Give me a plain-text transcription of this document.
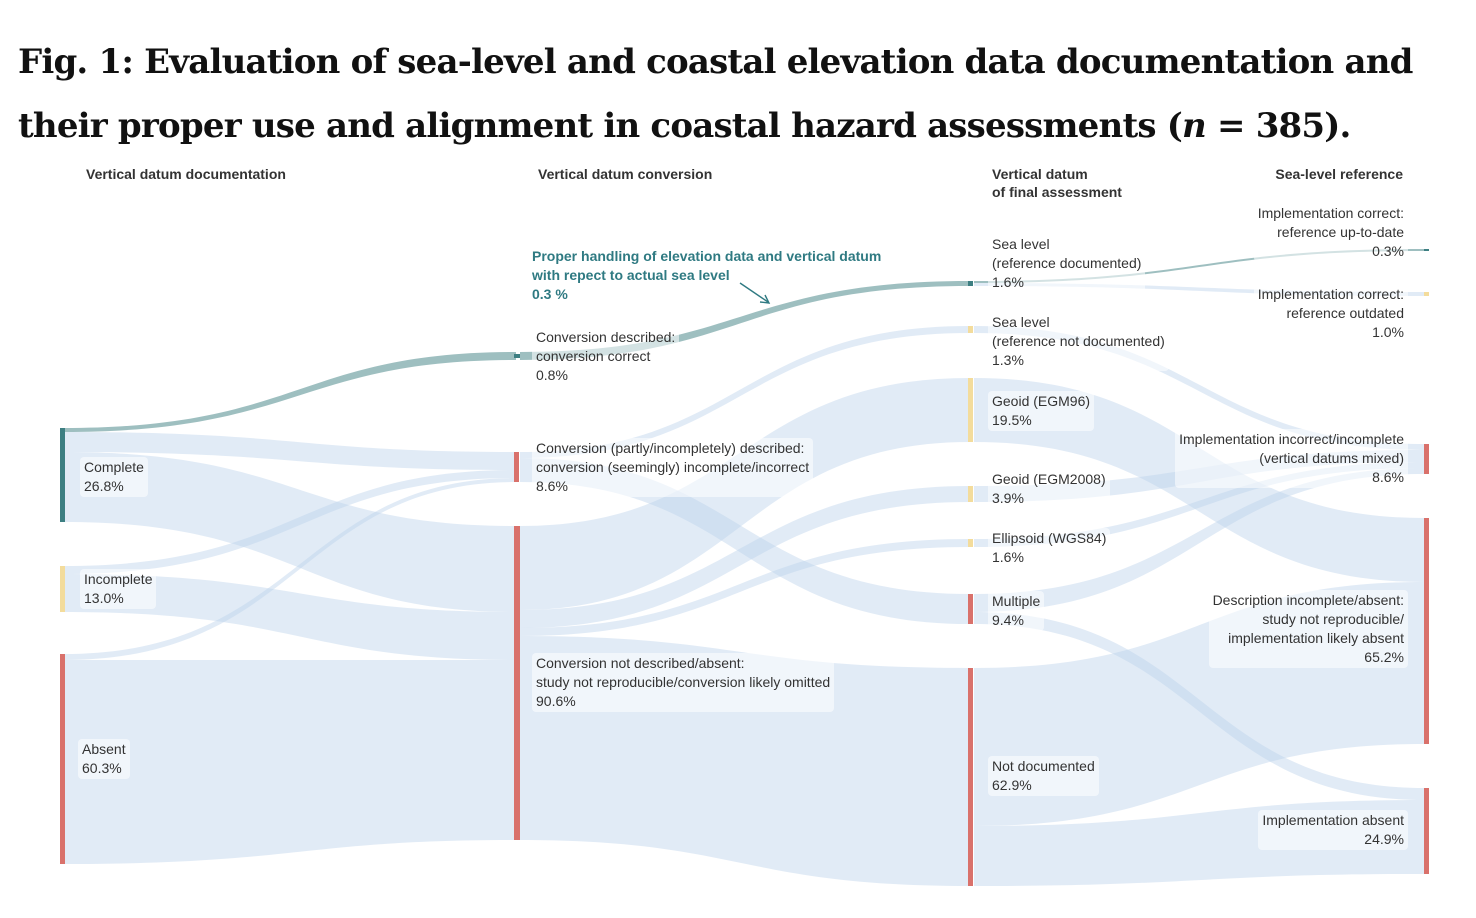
Fig. 1: Evaluation of sea-level and coastal elevation data documentation and their proper use and alignment in coastal hazard assessments (n = 385).
Vertical datum documentation	Vertical datum conversion	Vertical datum
of final assessment
Sea-level reference
Complete
26.8%
Incomplete
13.0%
Absent
60.3%
Proper handling of elevation data and vertical datum
with repect to actual sea level
0.3 %
Conversion described:
conversion correct
0.8%
Conversion (partly/incompletely) described:
conversion (seemingly) incomplete/incorrect
8.6%
Conversion not described/absent:
study not reproducible/conversion likely omitted
90.6%
Sea level
(reference documented)
1.6%
Sea level
(reference not documented)
1.3%
Geoid (EGM96)
19.5%
Geoid (EGM2008)
3.9%
Ellipsoid (WGS84)
1.6%
Multiple
9.4%
Not documented
62.9%
Implementation correct:
reference up-to-date
0.3%
Implementation correct:
reference outdated
1.0%
Implementation incorrect/incomplete
(vertical datums mixed)
8.6%
Description incomplete/absent:
study not reproducible/
implementation likely absent
65.2%
Implementation absent
24.9%
